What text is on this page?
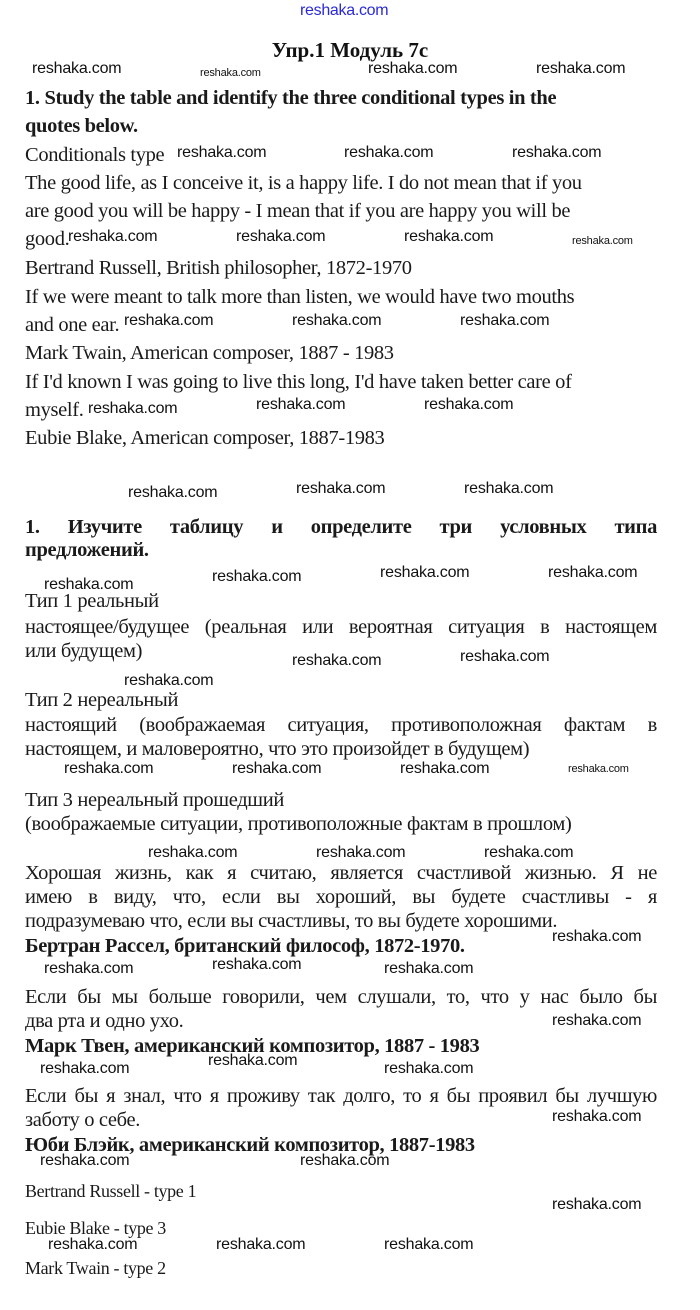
reshaka.com
Упр.1 Модуль 7c
1. Study the table and identify the three conditional types in the
quotes below.
Conditionals type
The good life, as I conceive it, is a happy life. I do not mean that if you
are good you will be happy - I mean that if you are happy you will be
good.
Bertrand Russell, British philosopher, 1872-1970
If we were meant to talk more than listen, we would have two mouths
and one ear.
Mark Twain, American composer, 1887 - 1983
If I'd known I was going to live this long, I'd have taken better care of
myself.
Eubie Blake, American composer, 1887-1983
1. Изучите таблицу и определите три условных типа
предложений.
Тип 1 реальный
настоящее/будущее (реальная или вероятная ситуация в настоящем
или будущем)
Тип 2 нереальный
настоящий (воображаемая ситуация, противоположная фактам в
настоящем, и маловероятно, что это произойдет в будущем)
Тип 3 нереальный прошедший
(воображаемые ситуации, противоположные фактам в прошлом)
Хорошая жизнь, как я считаю, является счастливой жизнью. Я не
имею в виду, что, если вы хороший, вы будете счастливы - я
подразумеваю что, если вы счастливы, то вы будете хорошими.
Бертран Рассел, британский философ, 1872-1970.
Если бы мы больше говорили, чем слушали, то, что у нас было бы
два рта и одно ухо.
Марк Твен, американский композитор, 1887 - 1983
Если бы я знал, что я проживу так долго, то я бы проявил бы лучшую
заботу о себе.
Юби Блэйк, американский композитор, 1887-1983
Bertrand Russell - type 1
Eubie Blake - type 3
Mark Twain - type 2
reshaka.com	reshaka.com	reshaka.com	reshaka.com
reshaka.com	reshaka.com	reshaka.com
reshaka.com	reshaka.com	reshaka.com	reshaka.com
reshaka.com	reshaka.com	reshaka.com
reshaka.com	reshaka.com	reshaka.com
reshaka.com	reshaka.com	reshaka.com
reshaka.com	reshaka.com	reshaka.com	reshaka.com
reshaka.com	reshaka.com
reshaka.com
reshaka.com	reshaka.com	reshaka.com	reshaka.com
reshaka.com	reshaka.com	reshaka.com
reshaka.com
reshaka.com	reshaka.com	reshaka.com
reshaka.com
reshaka.com	reshaka.com	reshaka.com
reshaka.com
reshaka.com	reshaka.com
reshaka.com
reshaka.com	reshaka.com	reshaka.com
